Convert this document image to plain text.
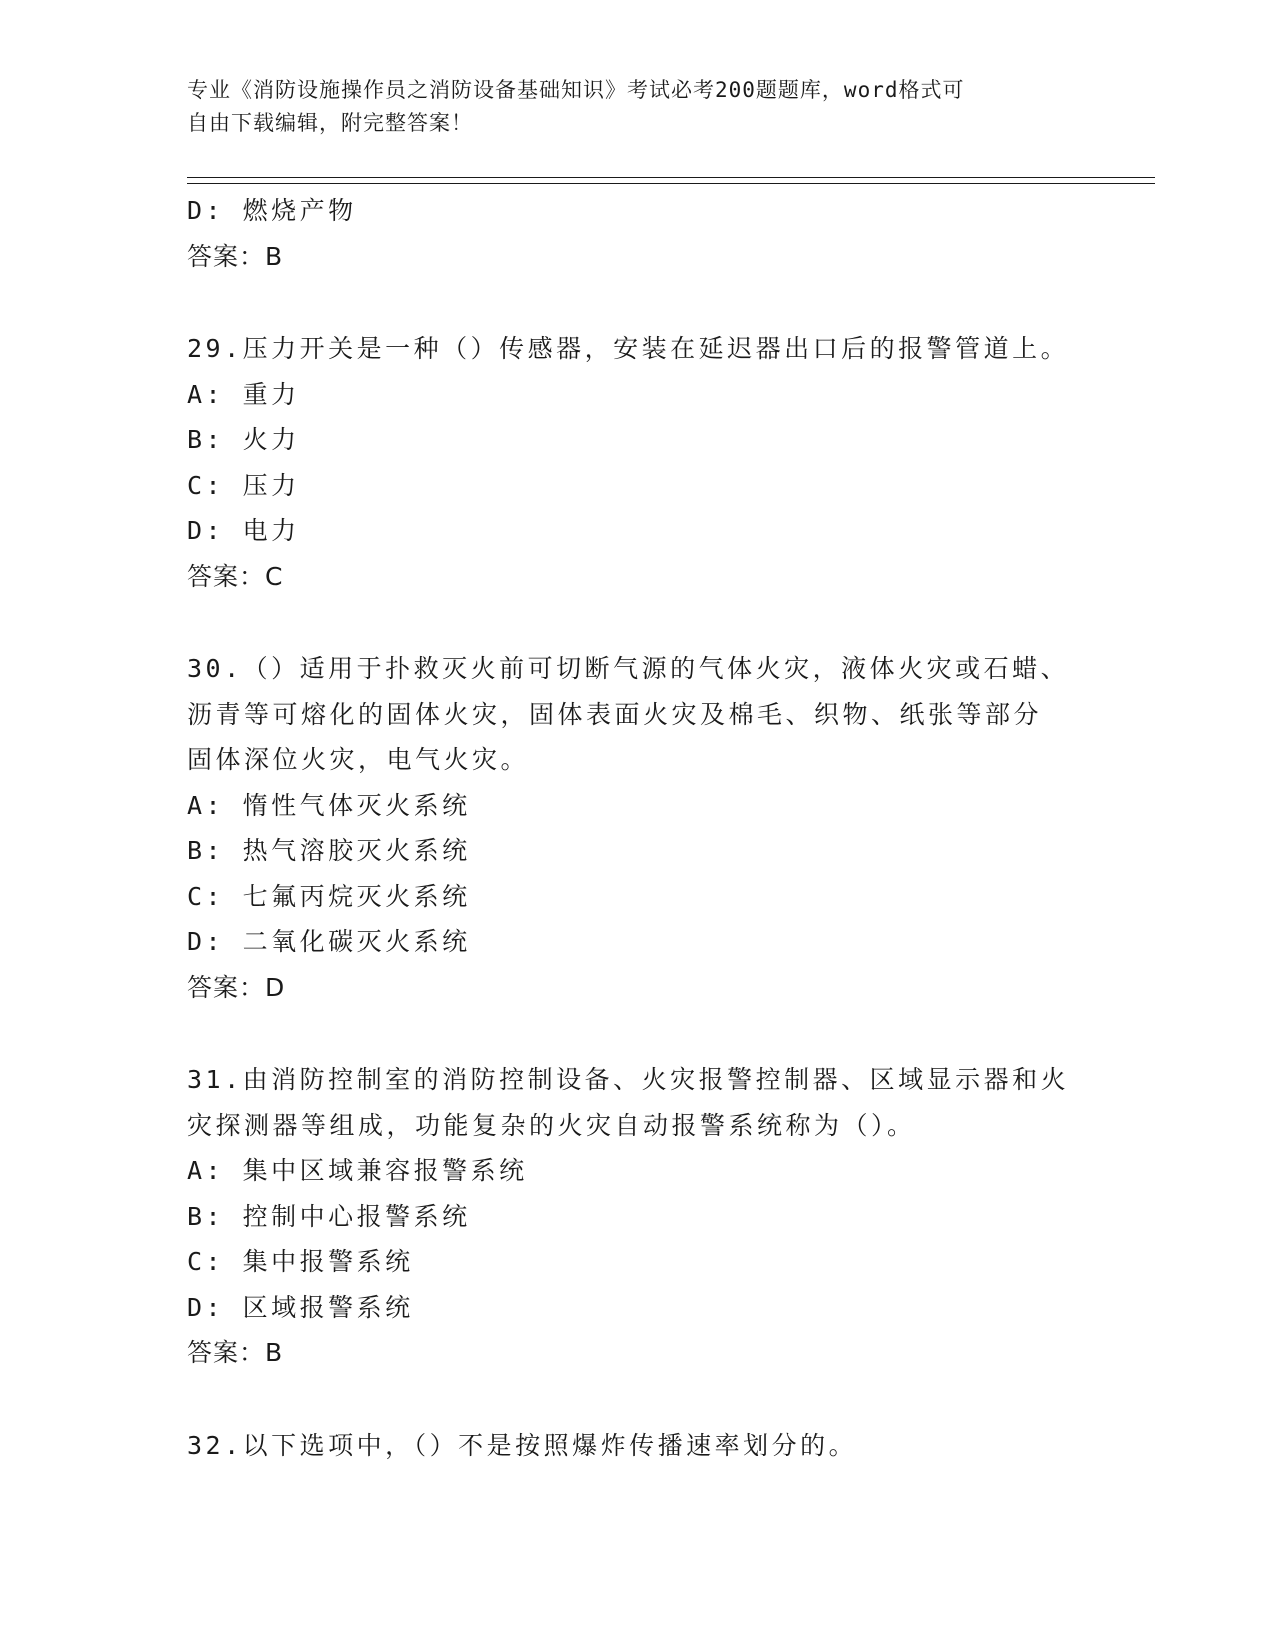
专业《消防设施操作员之消防设备基础知识》考试必考200题题库，word格式可
自由下载编辑，附完整答案！
D: 燃烧产物
答案：B
29.压力开关是一种（）传感器，安装在延迟器出口后的报警管道上。
A: 重力
B: 火力
C: 压力
D: 电力
答案：C
30.（）适用于扑救灭火前可切断气源的气体火灾，液体火灾或石蜡、
沥青等可熔化的固体火灾，固体表面火灾及棉毛、织物、纸张等部分
固体深位火灾，电气火灾。
A: 惰性气体灭火系统
B: 热气溶胶灭火系统
C: 七氟丙烷灭火系统
D: 二氧化碳灭火系统
答案：D
31.由消防控制室的消防控制设备、火灾报警控制器、区域显示器和火
灾探测器等组成，功能复杂的火灾自动报警系统称为（）。
A: 集中区域兼容报警系统
B: 控制中心报警系统
C: 集中报警系统
D: 区域报警系统
答案：B
32.以下选项中，（）不是按照爆炸传播速率划分的。
